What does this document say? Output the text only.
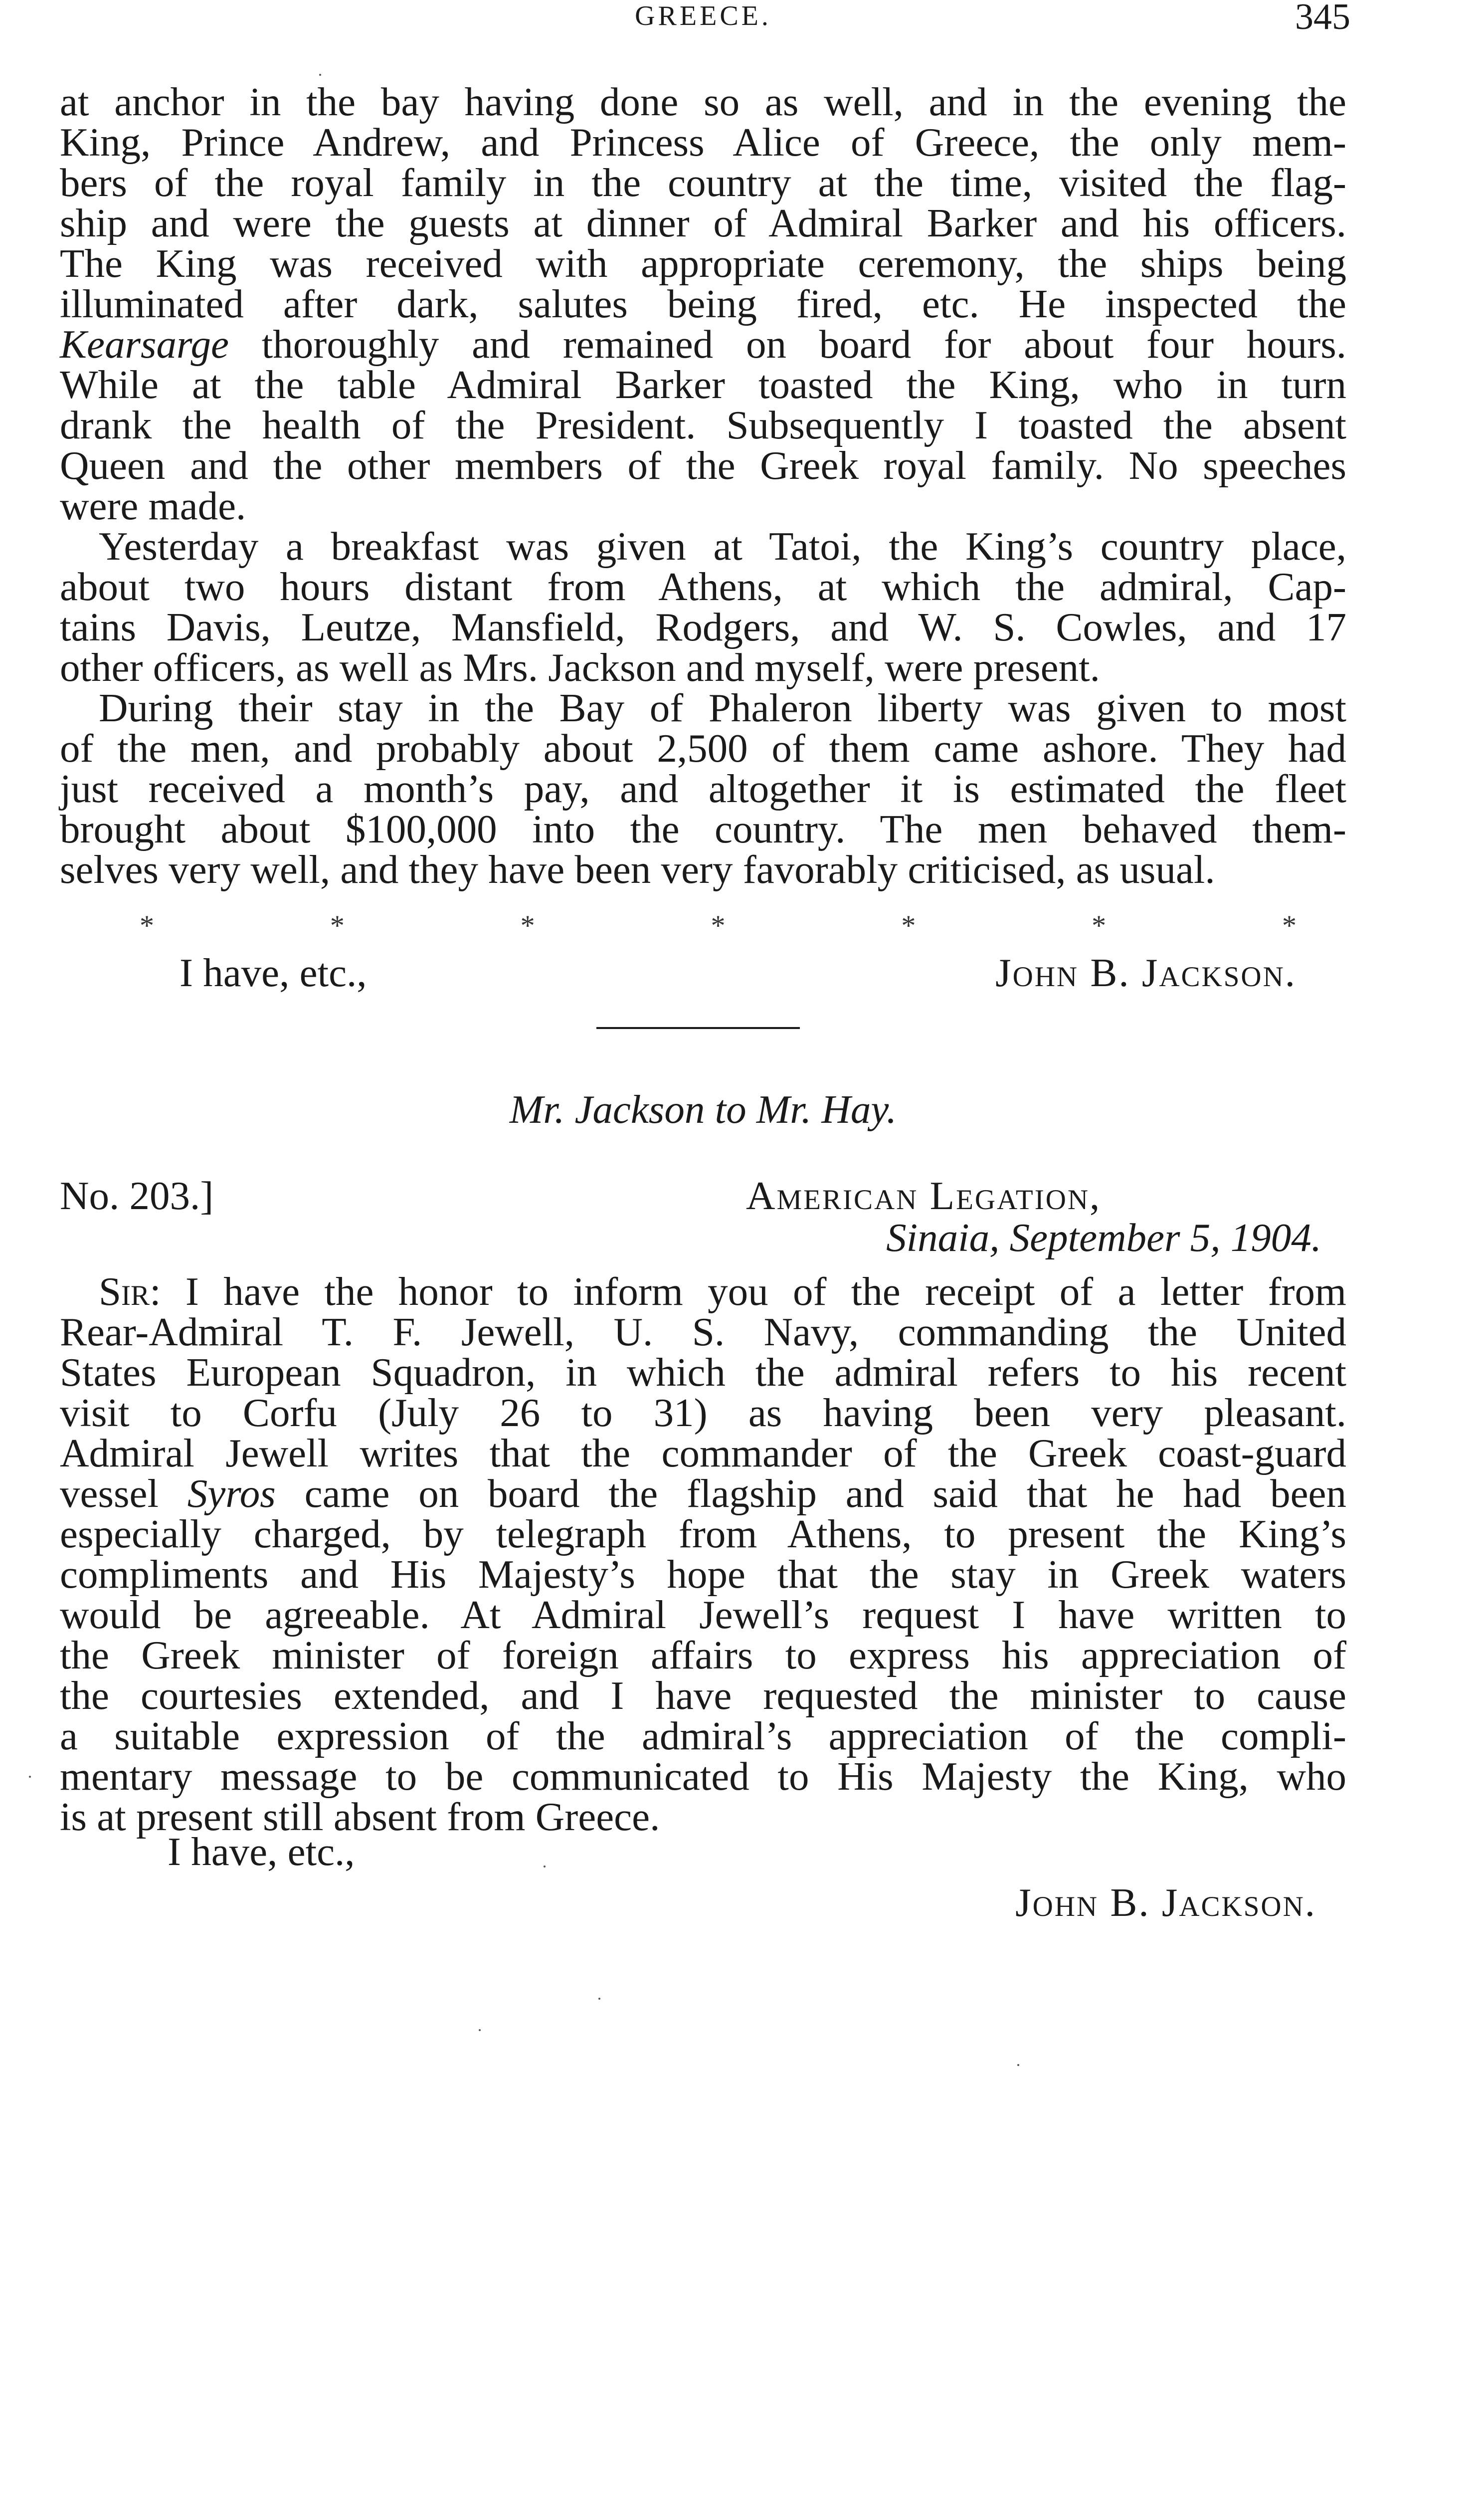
GREECE.	345

at anchor in the bay having done so as well, and in the evening the
King, Prince Andrew, and Princess Alice of Greece, the only mem-
bers of the royal family in the country at the time, visited the flag-
ship and were the guests at dinner of Admiral Barker and his officers.
The King was received with appropriate ceremony, the ships being
illuminated after dark, salutes being fired, etc. He inspected the
Kearsarge thoroughly and remained on board for about four hours.
While at the table Admiral Barker toasted the King, who in turn
drank the health of the President. Subsequently I toasted the absent
Queen and the other members of the Greek royal family. No speeches
were made.

Yesterday a breakfast was given at Tatoi, the King’s country place,
about two hours distant from Athens, at which the admiral, Cap-
tains Davis, Leutze, Mansfield, Rodgers, and W. S. Cowles, and 17
other officers, as well as Mrs. Jackson and myself, were present.

During their stay in the Bay of Phaleron liberty was given to most
of the men, and probably about 2,500 of them came ashore. They had
just received a month’s pay, and altogether it is estimated the fleet
brought about $100,000 into the country. The men behaved them-
selves very well, and they have been very favorably criticised, as usual.

*	*	*	*	*	*	*
I have, etc.,	John B. Jackson.
Mr. Jackson to Mr. Hay.
No. 203.]	American Legation,
Sinaia, September 5, 1904.

Sir: I have the honor to inform you of the receipt of a letter from
Rear-Admiral T. F. Jewell, U. S. Navy, commanding the United
States European Squadron, in which the admiral refers to his recent
visit to Corfu (July 26 to 31) as having been very pleasant.
Admiral Jewell writes that the commander of the Greek coast-guard
vessel Syros came on board the flagship and said that he had been
especially charged, by telegraph from Athens, to present the King’s
compliments and His Majesty’s hope that the stay in Greek waters
would be agreeable. At Admiral Jewell’s request I have written to
the Greek minister of foreign affairs to express his appreciation of
the courtesies extended, and I have requested the minister to cause
a suitable expression of the admiral’s appreciation of the compli-
mentary message to be communicated to His Majesty the King, who
is at present still absent from Greece.

I have, etc.,
John B. Jackson.
